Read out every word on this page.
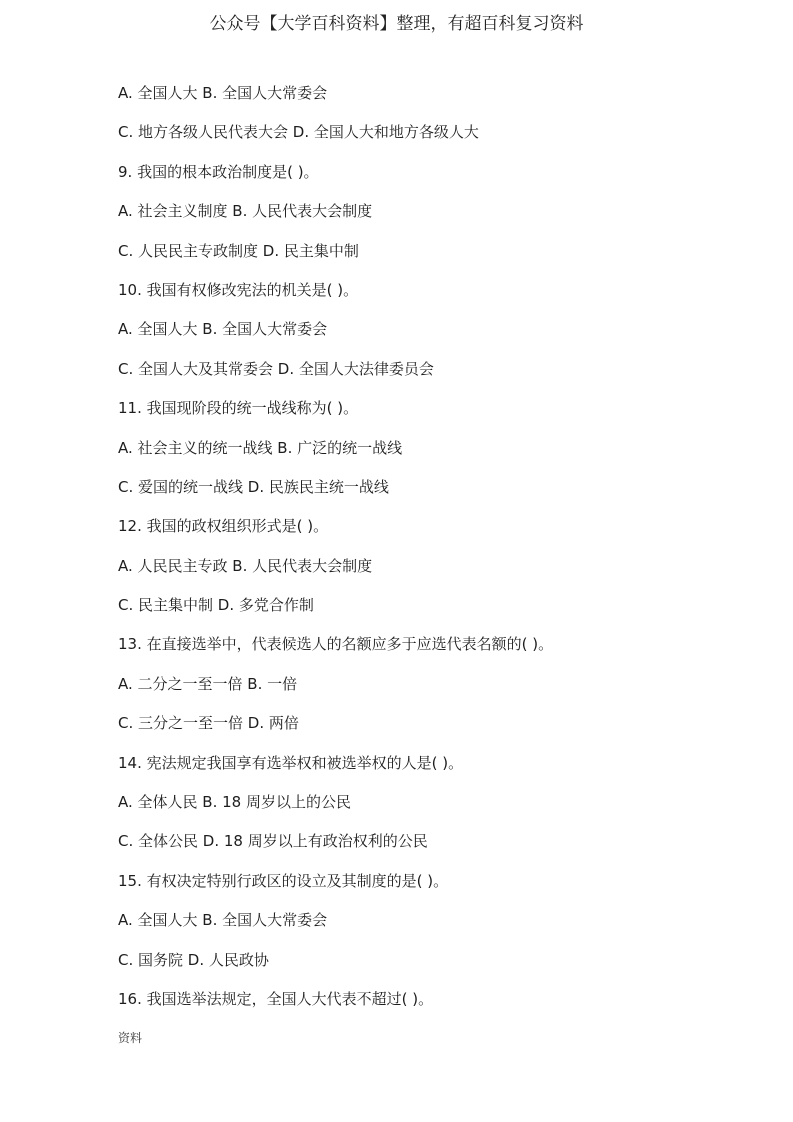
公众号【大学百科资料】整理，有超百科复习资料
A. 全国人大 B. 全国人大常委会
C. 地方各级人民代表大会 D. 全国人大和地方各级人大
9. 我国的根本政治制度是( )。
A. 社会主义制度 B. 人民代表大会制度
C. 人民民主专政制度 D. 民主集中制
10. 我国有权修改宪法的机关是( )。
A. 全国人大 B. 全国人大常委会
C. 全国人大及其常委会 D. 全国人大法律委员会
11. 我国现阶段的统一战线称为( )。
A. 社会主义的统一战线 B. 广泛的统一战线
C. 爱国的统一战线 D. 民族民主统一战线
12. 我国的政权组织形式是( )。
A. 人民民主专政 B. 人民代表大会制度
C. 民主集中制 D. 多党合作制
13. 在直接选举中，代表候选人的名额应多于应选代表名额的( )。
A. 二分之一至一倍 B. 一倍
C. 三分之一至一倍 D. 两倍
14. 宪法规定我国享有选举权和被选举权的人是( )。
A. 全体人民 B. 18 周岁以上的公民
C. 全体公民 D. 18 周岁以上有政治权利的公民
15. 有权决定特别行政区的设立及其制度的是( )。
A. 全国人大 B. 全国人大常委会
C. 国务院 D. 人民政协
16. 我国选举法规定，全国人大代表不超过( )。
资料
